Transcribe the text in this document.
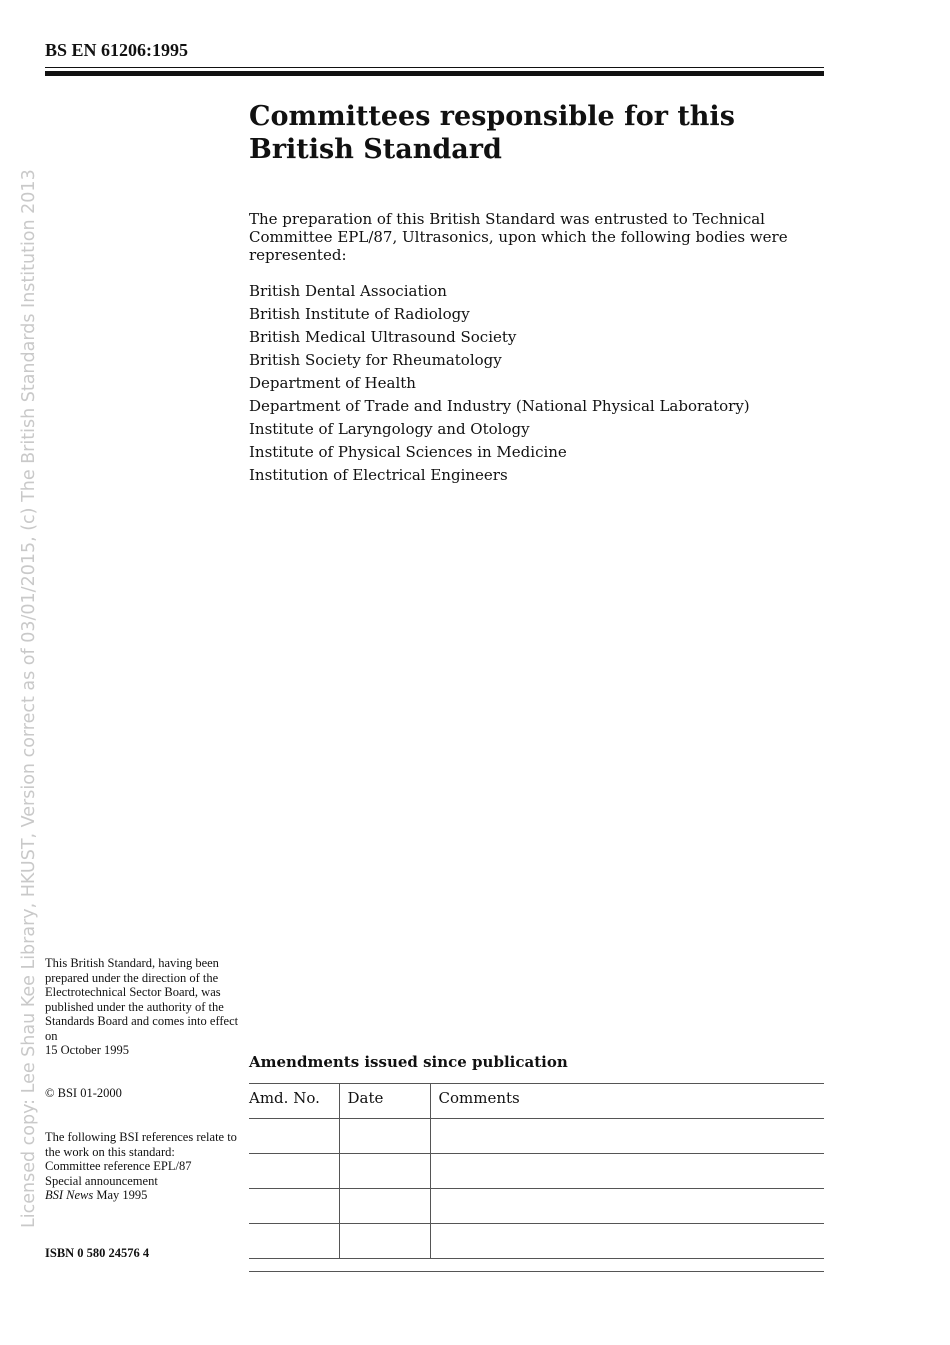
BS EN 61206:1995
Licensed copy: Lee Shau Kee Library, HKUST, Version correct as of 03/01/2015, (c) The British Standards Institution 2013
Committees responsible for this British Standard
The preparation of this British Standard was entrusted to Technical Committee EPL/87, Ultrasonics, upon which the following bodies were represented:
British Dental Association
British Institute of Radiology
British Medical Ultrasound Society
British Society for Rheumatology
Department of Health
Department of Trade and Industry (National Physical Laboratory)
Institute of Laryngology and Otology
Institute of Physical Sciences in Medicine
Institution of Electrical Engineers
This British Standard, having been prepared under the direction of the Electrotechnical Sector Board, was published under the authority of the Standards Board and comes into effect on
15 October 1995
© BSI 01-2000
The following BSI references relate to the work on this standard:
Committee reference EPL/87
Special announcement
BSI News May 1995
ISBN 0 580 24576 4
Amendments issued since publication
Amd. No.	Date	Comments
